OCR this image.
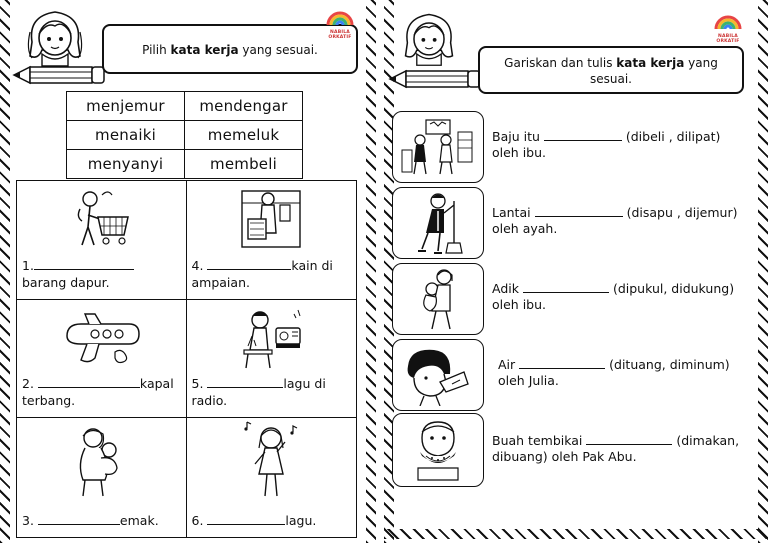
Pilih kata kerja yang sesuai.
NABILA ORKATIF
menjemur	mendengar
menaiki	memeluk
menyanyi	membeli
1.
barang dapur.
4.	kain di
ampaian.
2.	kapal
terbang.
5.	lagu di
radio.
3.	emak.	6.	lagu.
Gariskan dan tulis kata kerja yang
sesuai.
NABILA ORKATIF
Baju itu	(dibeli , dilipat)
oleh ibu.
Lantai	(disapu , dijemur)
oleh ayah.
Adik	(dipukul, didukung)
oleh ibu.
Air	(dituang, diminum)
oleh Julia.
Buah tembikai	(dimakan,
dibuang) oleh Pak Abu.
